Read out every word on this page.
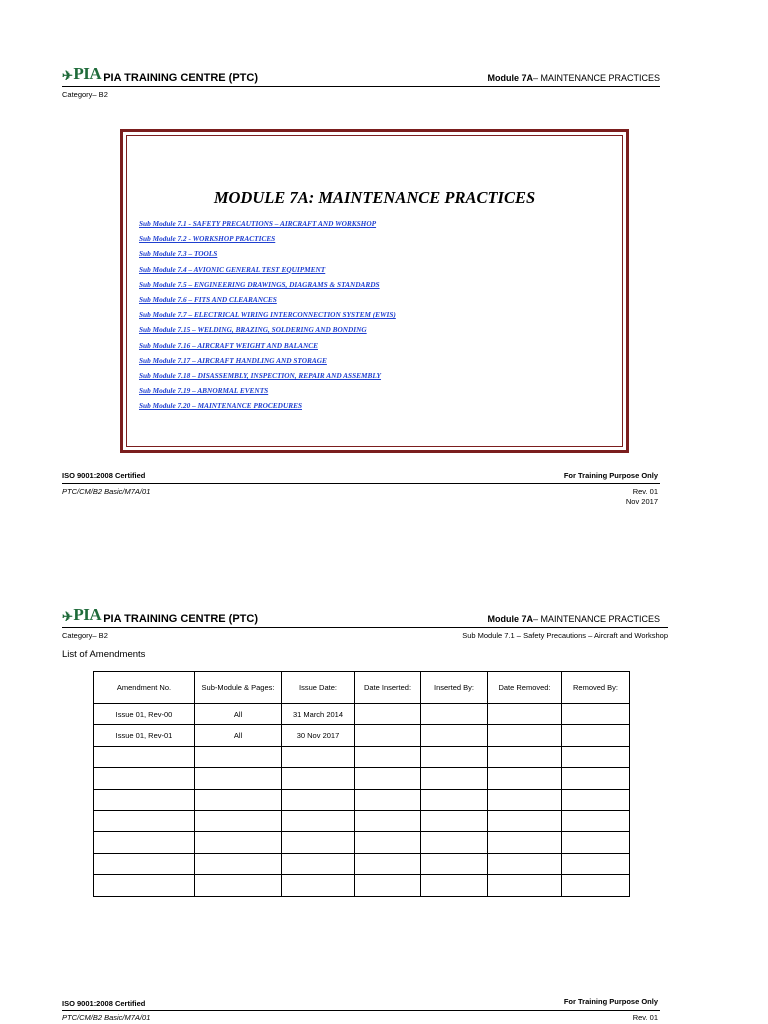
✈ PIA PIA TRAINING CENTRE (PTC)	Module 7A– MAINTENANCE PRACTICES
Category– B2
MODULE 7A: MAINTENANCE PRACTICES
Sub Module 7.1 - SAFETY PRECAUTIONS – AIRCRAFT AND WORKSHOP
Sub Module 7.2 - WORKSHOP PRACTICES
Sub Module 7.3 – TOOLS
Sub Module 7.4 – AVIONIC GENERAL TEST EQUIPMENT
Sub Module 7.5 – ENGINEERING DRAWINGS, DIAGRAMS & STANDARDS
Sub Module 7.6 – FITS AND CLEARANCES
Sub Module 7.7 – ELECTRICAL WIRING INTERCONNECTION SYSTEM (EWIS)
Sub Module 7.15 – WELDING, BRAZING, SOLDERING AND BONDING
Sub Module 7.16 – AIRCRAFT WEIGHT AND BALANCE
Sub Module 7.17 – AIRCRAFT HANDLING AND STORAGE
Sub Module 7.18 – DISASSEMBLY, INSPECTION, REPAIR AND ASSEMBLY
Sub Module 7.19 – ABNORMAL EVENTS
Sub Module 7.20 – MAINTENANCE PROCEDURES
ISO 9001:2008 Certified	For Training Purpose Only
PTC/CM/B2 Basic/M7A/01	Rev. 01
Nov 2017
✈ PIA PIA TRAINING CENTRE (PTC)	Module 7A– MAINTENANCE PRACTICES
Category– B2	Sub Module 7.1 – Safety Precautions – Aircraft and Workshop
List of Amendments
Amendment No.	Sub-Module & Pages:	Issue Date:	Date Inserted:	Inserted By:	Date Removed:	Removed By:
Issue 01, Rev-00	All	31 March 2014				
Issue 01, Rev-01	All	30 Nov 2017				

ISO 9001:2008 Certified	For Training Purpose Only
PTC/CM/B2 Basic/M7A/01	Rev. 01
